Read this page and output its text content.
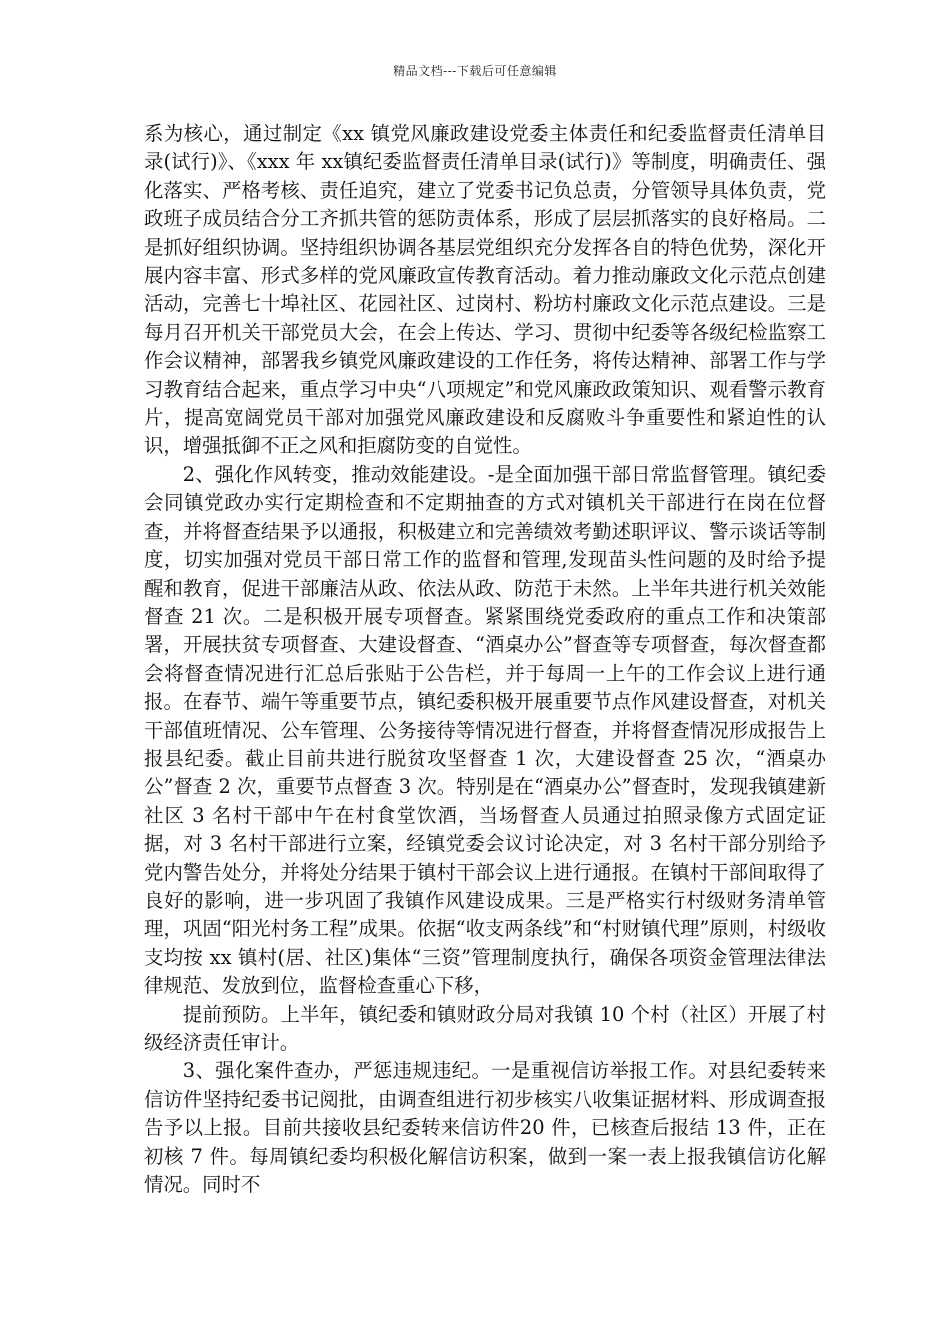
精品文档---下载后可任意编辑

系为核心，通过制定《xx 镇党风廉政建设党委主体责任和纪委监督责任清单目录(试行)》、《xxx 年 xx镇纪委监督责任清单目录(试行)》等制度，明确责任、强化落实、严格考核、责任追究，建立了党委书记负总责，分管领导具体负责，党政班子成员结合分工齐抓共管的惩防责体系，形成了层层抓落实的良好格局。二是抓好组织协调。坚持组织协调各基层党组织充分发挥各自的特色优势，深化开展内容丰富、形式多样的党风廉政宣传教育活动。着力推动廉政文化示范点创建活动，完善七十埠社区、花园社区、过岗村、粉坊村廉政文化示范点建设。三是每月召开机关干部党员大会，在会上传达、学习、贯彻中纪委等各级纪检监察工作会议精神，部署我乡镇党风廉政建设的工作任务，将传达精神、部署工作与学习教育结合起来，重点学习中央“八项规定”和党风廉政政策知识、观看警示教育片，提高宽阔党员干部对加强党风廉政建设和反腐败斗争重要性和紧迫性的认识，增强抵御不正之风和拒腐防变的自觉性。

2、强化作风转变，推动效能建设。-是全面加强干部日常监督管理。镇纪委会同镇党政办实行定期检查和不定期抽查的方式对镇机关干部进行在岗在位督查，并将督查结果予以通报，积极建立和完善绩效考勤述职评议、警示谈话等制度，切实加强对党员干部日常工作的监督和管理,发现苗头性问题的及时给予提醒和教育，促进干部廉洁从政、依法从政、防范于未然。上半年共进行机关效能督查 21 次。二是积极开展专项督查。紧紧围绕党委政府的重点工作和决策部署，开展扶贫专项督查、大建设督查、“酒桌办公”督查等专项督查，每次督查都会将督查情况进行汇总后张贴于公告栏，并于每周一上午的工作会议上进行通报。在春节、端午等重要节点，镇纪委积极开展重要节点作风建设督查，对机关干部值班情况、公车管理、公务接待等情况进行督查，并将督查情况形成报告上报县纪委。截止目前共进行脱贫攻坚督查 1 次，大建设督查 25 次，“酒桌办公”督查 2 次，重要节点督查 3 次。特别是在“酒桌办公”督查时，发现我镇建新社区 3 名村干部中午在村食堂饮酒，当场督查人员通过拍照录像方式固定证据，对 3 名村干部进行立案，经镇党委会议讨论决定，对 3 名村干部分别给予党内警告处分，并将处分结果于镇村干部会议上进行通报。在镇村干部间取得了良好的影响，进一步巩固了我镇作风建设成果。三是严格实行村级财务清单管理，巩固“阳光村务工程”成果。依据“收支两条线”和“村财镇代理”原则，村级收支均按 xx 镇村(居、社区)集体“三资”管理制度执行，确保各项资金管理法律法律规范、发放到位，监督检查重心下移，

提前预防。上半年，镇纪委和镇财政分局对我镇 10 个村（社区）开展了村级经济责任审计。

3、强化案件查办，严惩违规违纪。一是重视信访举报工作。对县纪委转来信访件坚持纪委书记阅批，由调查组进行初步核实八收集证据材料、形成调查报告予以上报。目前共接收县纪委转来信访件20 件，已核查后报结 13 件，正在初核 7 件。每周镇纪委均积极化解信访积案，做到一案一表上报我镇信访化解情况。同时不
